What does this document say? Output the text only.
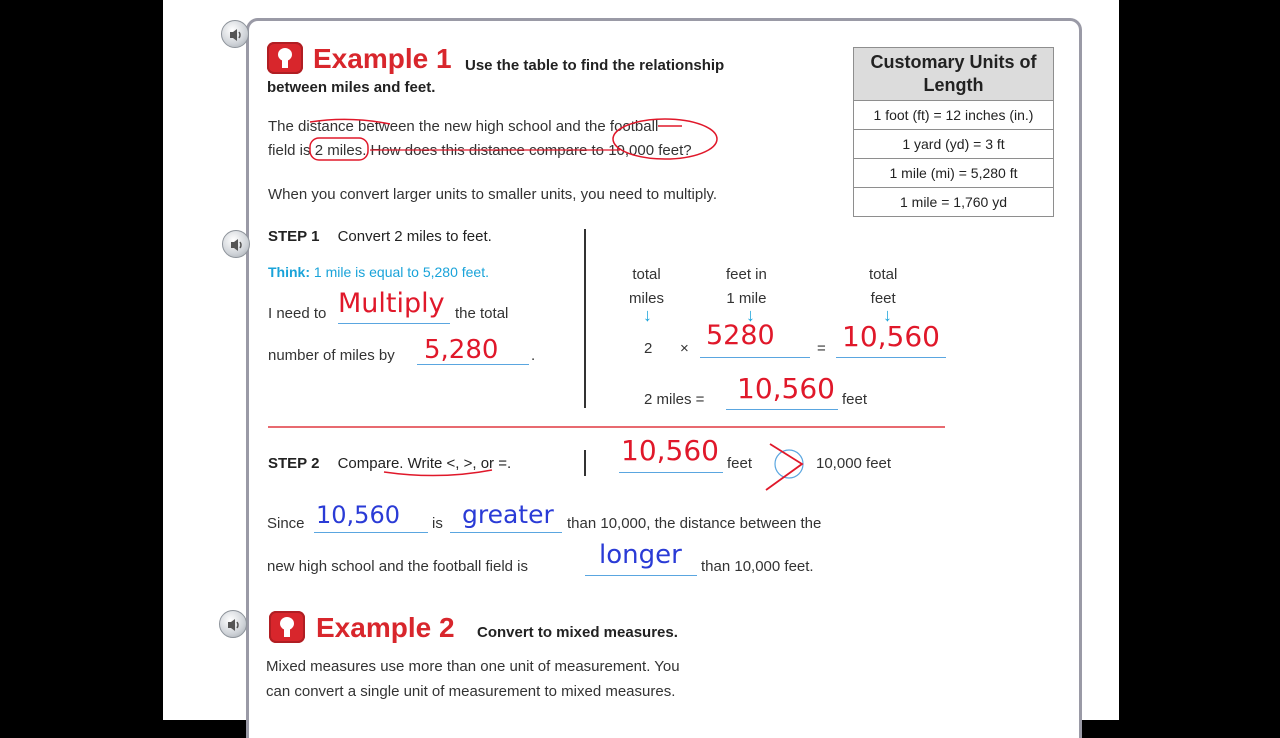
Example 1 Use the table to find the relationship
between miles and feet.
The distance between the new high school and the football
field is 2 miles. How does this distance compare to 10,000 feet?
When you convert larger units to smaller units, you need to multiply.
Customary Units of Length
1 foot (ft) = 12 inches (in.)
1 yard (yd) = 3 ft
1 mile (mi) = 5,280 ft
1 mile = 1,760 yd
STEP 1 Convert 2 miles to feet.
Think: 1 mile is equal to 5,280 feet.
I need to Multiply the total
number of miles by 5,280 .
total
miles
feet in
1 mile
total
feet
↓	↓	↓
2 × 5280	= 10,560
2 miles = 10,560 feet
STEP 2 Compare. Write <, >, or =.	10,560 feet	10,000 feet
Since 10,560 is greater than 10,000, the distance between the
new high school and the football field is	longer than 10,000 feet.
Example 2 Convert to mixed measures.
Mixed measures use more than one unit of measurement. You
can convert a single unit of measurement to mixed measures.
